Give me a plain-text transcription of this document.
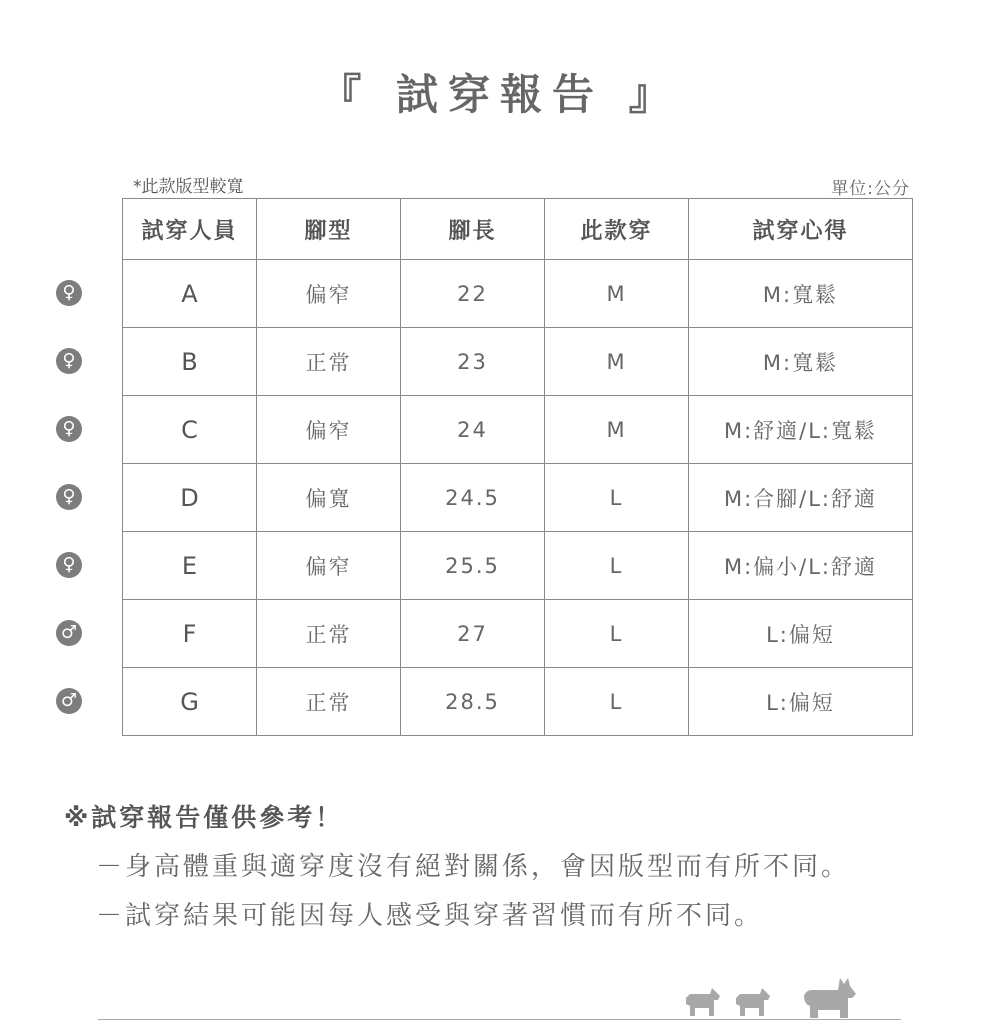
『 試穿報告 』
*此款版型較寬	單位:公分
試穿人員	腳型	腳長	此款穿	試穿心得
A	偏窄	22	M	M:寬鬆
B	正常	23	M	M:寬鬆
C	偏窄	24	M	M:舒適/L:寬鬆
D	偏寬	24.5	L	M:合腳/L:舒適
E	偏窄	25.5	L	M:偏小/L:舒適
F	正常	27	L	L:偏短
G	正常	28.5	L	L:偏短
♀
♀
♀
♀
♀
♂
♂
※試穿報告僅供參考！
－身高體重與適穿度沒有絕對關係，會因版型而有所不同。
－試穿結果可能因每人感受與穿著習慣而有所不同。
